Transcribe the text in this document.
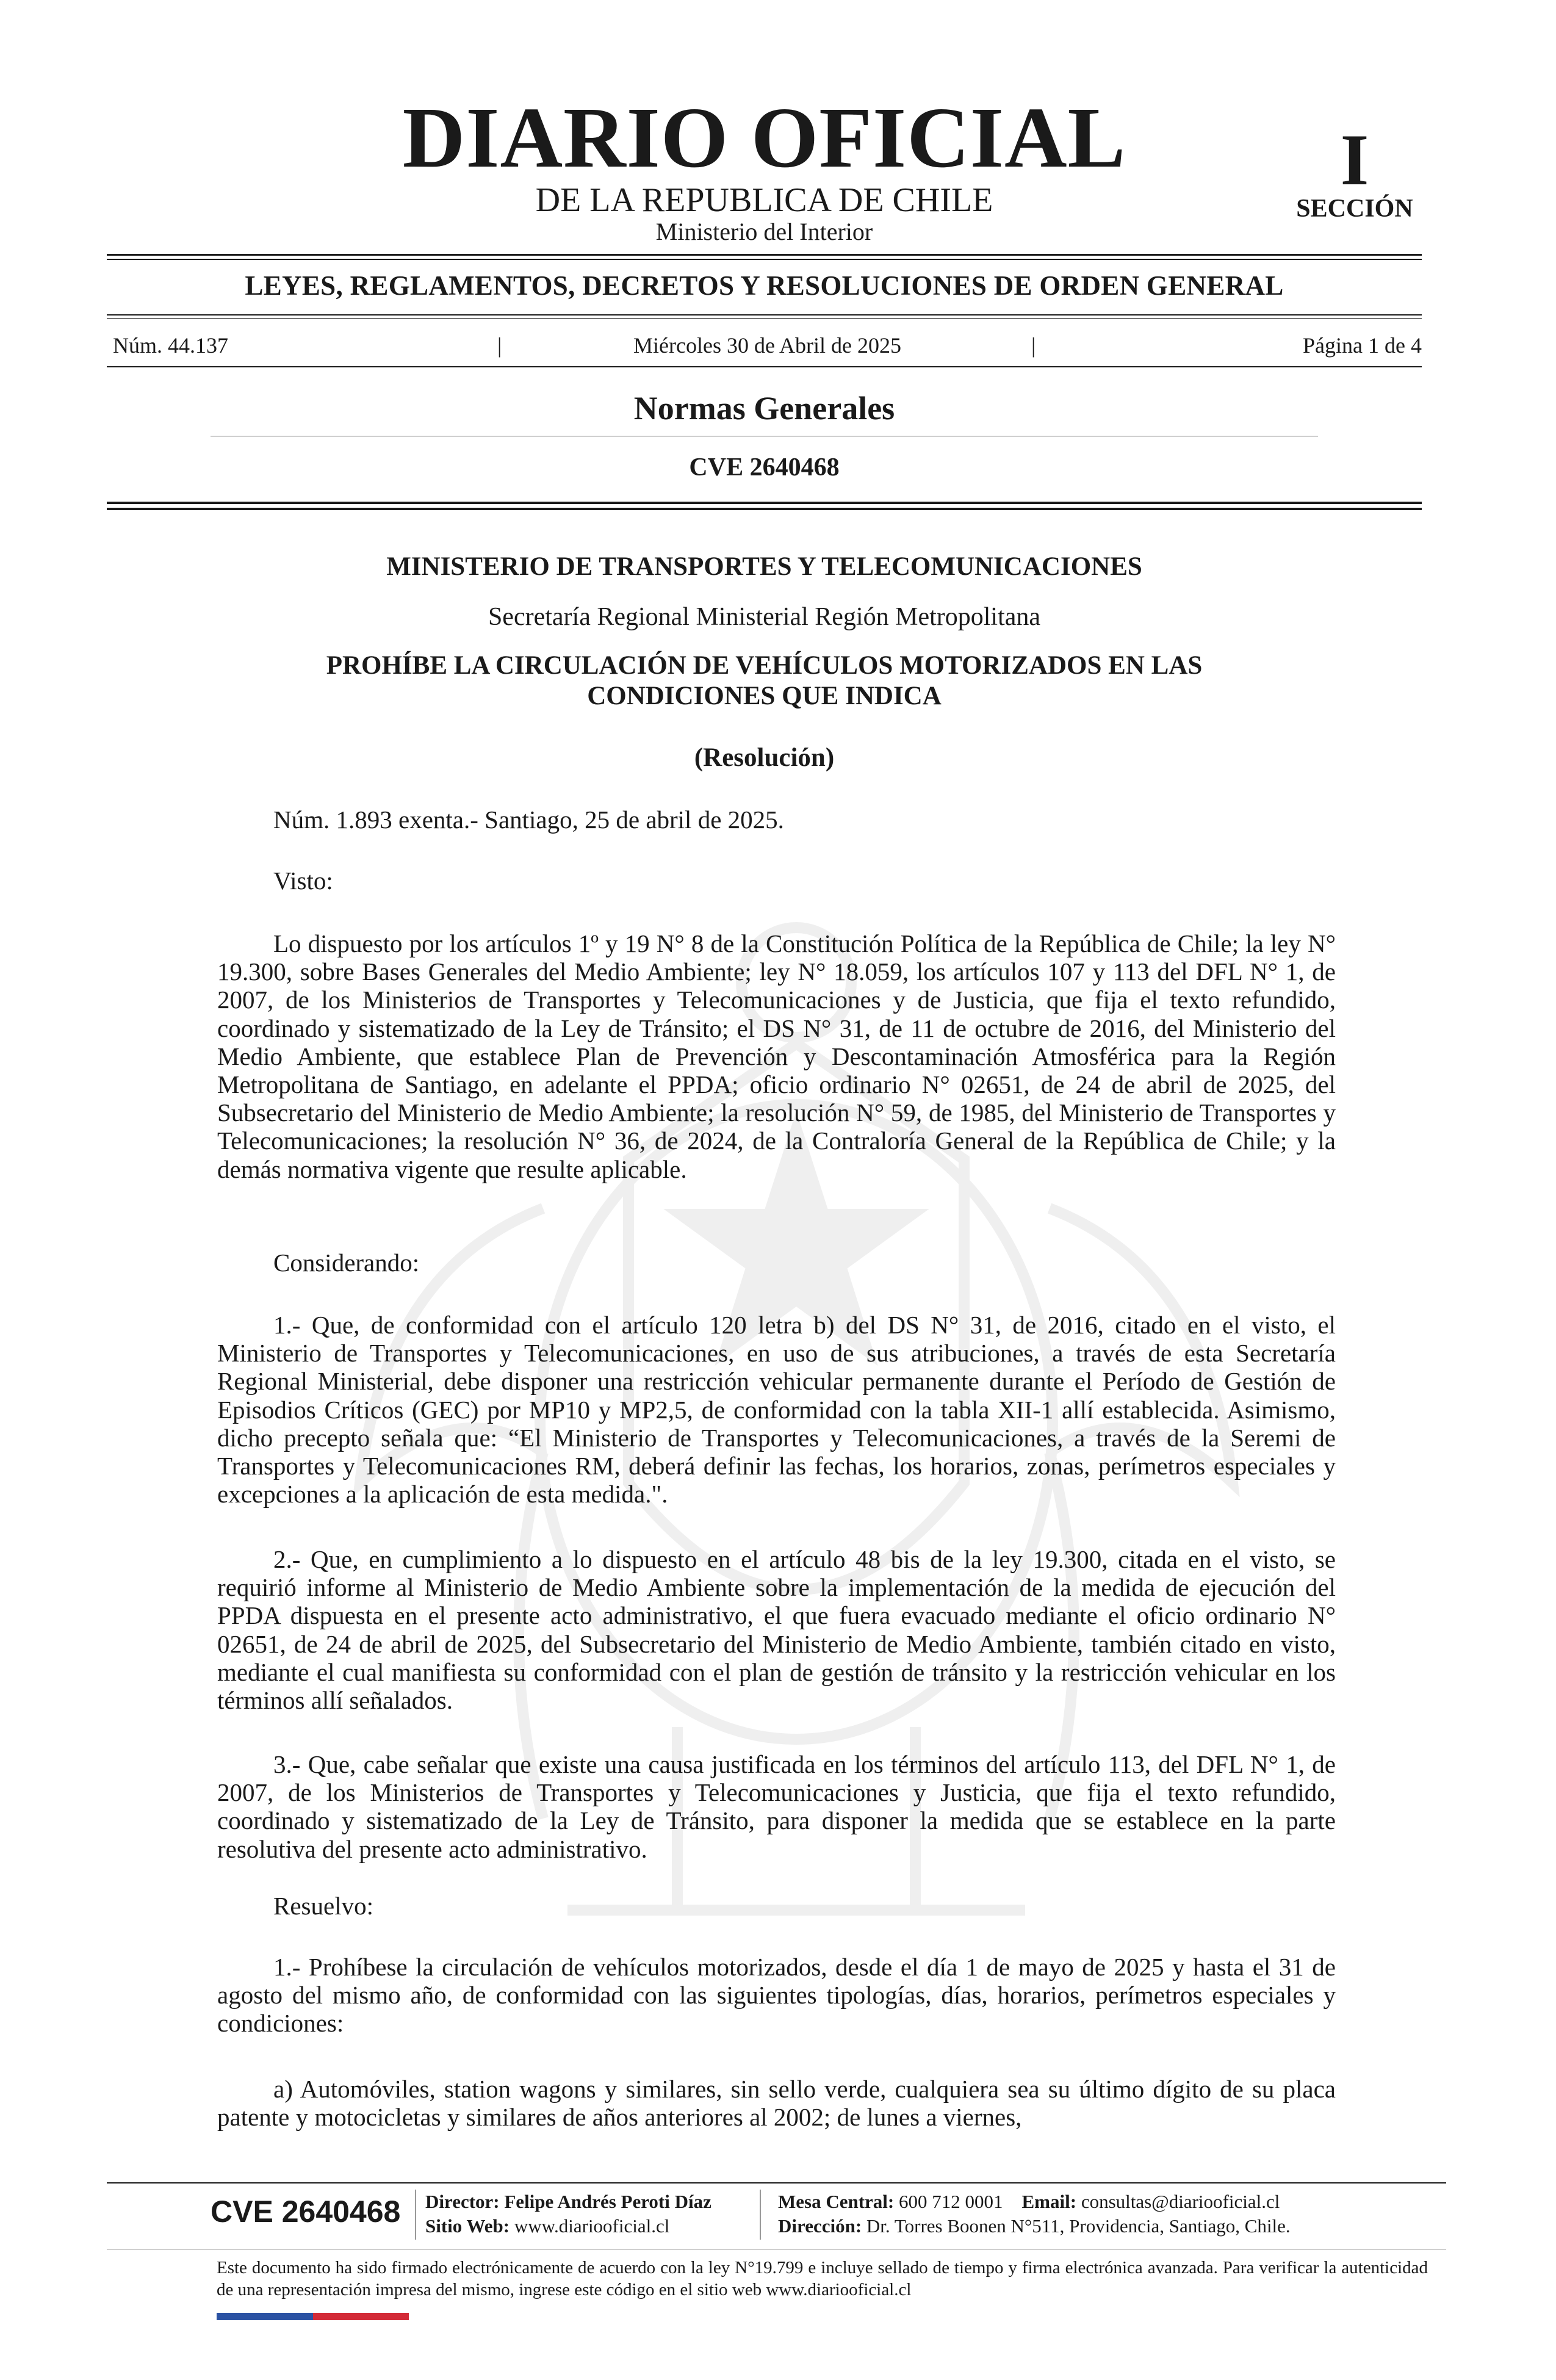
DIARIO OFICIAL
DE LA REPUBLICA DE CHILE
Ministerio del Interior
I
SECCIÓN
LEYES, REGLAMENTOS, DECRETOS Y RESOLUCIONES DE ORDEN GENERAL
Núm. 44.137	|	Miércoles 30 de Abril de 2025	|	Página 1 de 4
Normas Generales
CVE 2640468
MINISTERIO DE TRANSPORTES Y TELECOMUNICACIONES
Secretaría Regional Ministerial Región Metropolitana
PROHÍBE LA CIRCULACIÓN DE VEHÍCULOS MOTORIZADOS EN LAS
CONDICIONES QUE INDICA
(Resolución)
Núm. 1.893 exenta.- Santiago, 25 de abril de 2025.
Visto:
Lo dispuesto por los artículos 1º y 19 N° 8 de la Constitución Política de la República de Chile; la ley N° 19.300, sobre Bases Generales del Medio Ambiente; ley N° 18.059, los artículos 107 y 113 del DFL N° 1, de 2007, de los Ministerios de Transportes y Telecomunicaciones y de Justicia, que fija el texto refundido, coordinado y sistematizado de la Ley de Tránsito; el DS N° 31, de 11 de octubre de 2016, del Ministerio del Medio Ambiente, que establece Plan de Prevención y Descontaminación Atmosférica para la Región Metropolitana de Santiago, en adelante el PPDA; oficio ordinario N° 02651, de 24 de abril de 2025, del Subsecretario del Ministerio de Medio Ambiente; la resolución N° 59, de 1985, del Ministerio de Transportes y Telecomunicaciones; la resolución N° 36, de 2024, de la Contraloría General de la República de Chile; y la demás normativa vigente que resulte aplicable.
Considerando:
1.- Que, de conformidad con el artículo 120 letra b) del DS N° 31, de 2016, citado en el visto, el Ministerio de Transportes y Telecomunicaciones, en uso de sus atribuciones, a través de esta Secretaría Regional Ministerial, debe disponer una restricción vehicular permanente durante el Período de Gestión de Episodios Críticos (GEC) por MP10 y MP2,5, de conformidad con la tabla XII-1 allí establecida. Asimismo, dicho precepto señala que: “El Ministerio de Transportes y Telecomunicaciones, a través de la Seremi de Transportes y Telecomunicaciones RM, deberá definir las fechas, los horarios, zonas, perímetros especiales y excepciones a la aplicación de esta medida.".
2.- Que, en cumplimiento a lo dispuesto en el artículo 48 bis de la ley 19.300, citada en el visto, se requirió informe al Ministerio de Medio Ambiente sobre la implementación de la medida de ejecución del PPDA dispuesta en el presente acto administrativo, el que fuera evacuado mediante el oficio ordinario N° 02651, de 24 de abril de 2025, del Subsecretario del Ministerio de Medio Ambiente, también citado en visto, mediante el cual manifiesta su conformidad con el plan de gestión de tránsito y la restricción vehicular en los términos allí señalados.
3.- Que, cabe señalar que existe una causa justificada en los términos del artículo 113, del DFL N° 1, de 2007, de los Ministerios de Transportes y Telecomunicaciones y Justicia, que fija el texto refundido, coordinado y sistematizado de la Ley de Tránsito, para disponer la medida que se establece en la parte resolutiva del presente acto administrativo.
Resuelvo:
1.- Prohíbese la circulación de vehículos motorizados, desde el día 1 de mayo de 2025 y hasta el 31 de agosto del mismo año, de conformidad con las siguientes tipologías, días, horarios, perímetros especiales y condiciones:
a) Automóviles, station wagons y similares, sin sello verde, cualquiera sea su último dígito de su placa patente y motocicletas y similares de años anteriores al 2002; de lunes a viernes,
CVE 2640468 Director: Felipe Andrés Peroti Díaz
Sitio Web: www.diariooficial.cl
Mesa Central: 600 712 0001 Email: consultas@diariooficial.cl
Dirección: Dr. Torres Boonen N°511, Providencia, Santiago, Chile.
Este documento ha sido firmado electrónicamente de acuerdo con la ley N°19.799 e incluye sellado de tiempo y firma electrónica avanzada. Para verificar la autenticidad de una representación impresa del mismo, ingrese este código en el sitio web www.diariooficial.cl
